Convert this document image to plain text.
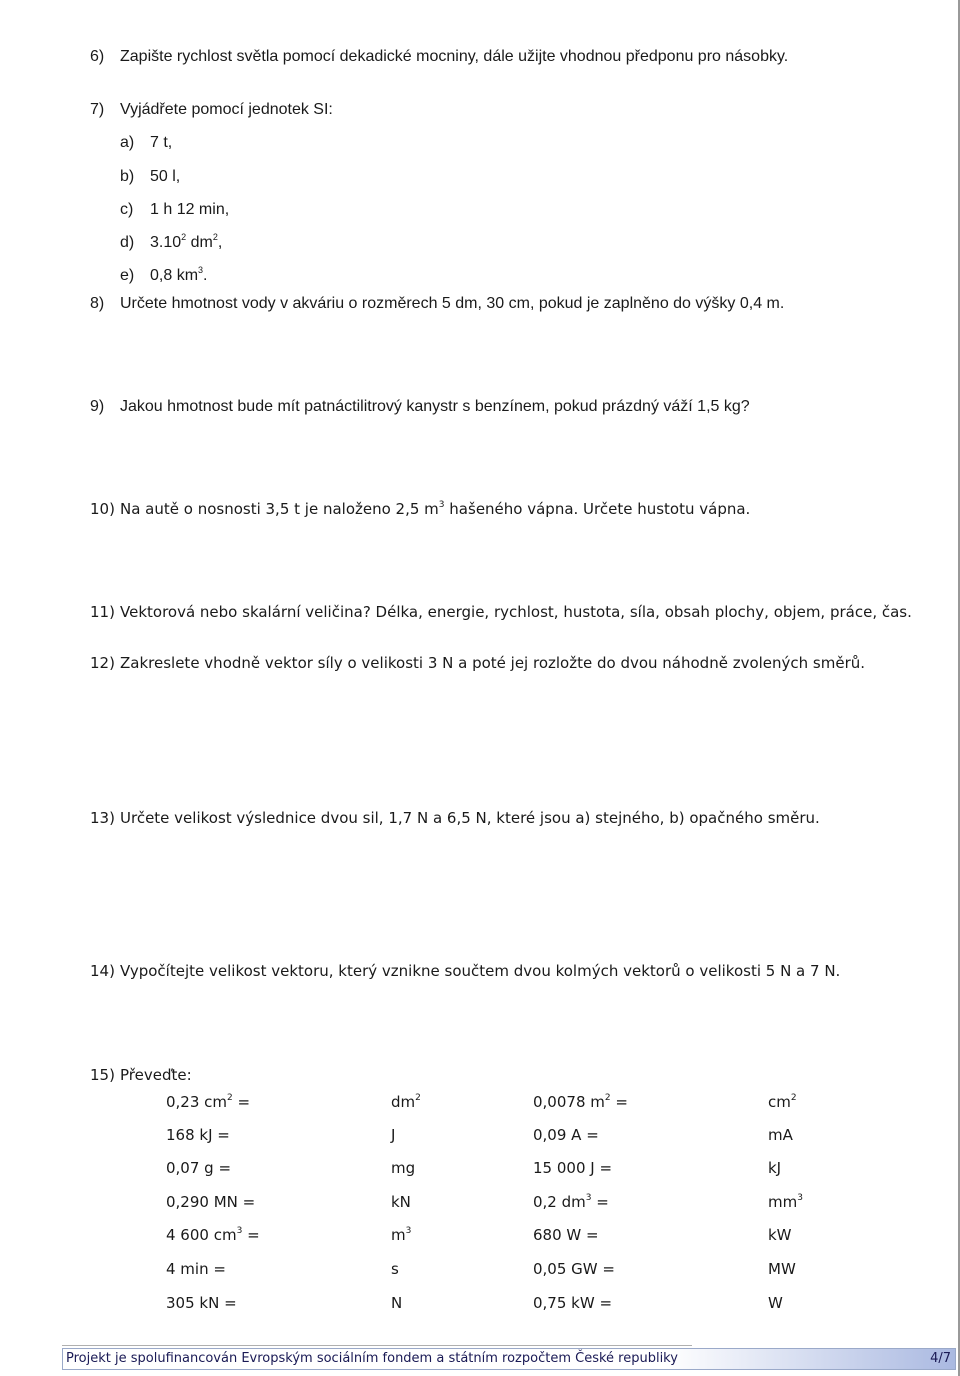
6) Zapište rychlost světla pomocí dekadické mocniny, dále užijte vhodnou předponu pro násobky.
7) Vyjádřete pomocí jednotek SI:
a) 7 t,
b) 50 l,
c) 1 h 12 min,
d) 3.10$^2$ $dm^2$,
e) 0,8 $km^3$.
8) Určete hmotnost vody v akváriu o rozměrech 5 dm, 30 cm, pokud je zaplněno do výšky 0,4 m.
9) Jakou hmotnost bude mít patnáctilitrový kanystr s benzínem, pokud prázdný váží 1,5 kg?
10) Na autě o nosnosti 3,5 t je naloženo 2,5 $m^3$ hašeného vápna. Určete hustotu vápna.
11) Vektorová nebo skalární veličina? Délka, energie, rychlost, hustota, síla, obsah plochy, objem, práce, čas.
12) Zakreslete vhodně vektor síly o velikosti 3 N a poté jej rozložte do dvou náhodně zvolených směrů.
13) Určete velikost výslednice dvou sil, 1,7 N a 6,5 N, které jsou a) stejného, b) opačného směru.
14) Vypočítejte velikost vektoru, který vznikne součtem dvou kolmých vektorů o velikosti 5 N a 7 N.
15) Převeďte:
0,23 $cm^2$ =	$dm^2$	0,0078 $m^2$ =	$cm^2$
168 kJ =	J	0,09 A =	mA
0,07 g =	mg	15 000 J =	kJ
0,290 MN =	kN	0,2 $dm^3$ =	$mm^3$
4 600 $cm^3$ =	$m^3$	680 W =	kW
4 min =	s	0,05 GW =	MW
305 kN =	N	0,75 kW =	W
Projekt je spolufinancován Evropským sociálním fondem a státním rozpočtem České republiky	4/7
